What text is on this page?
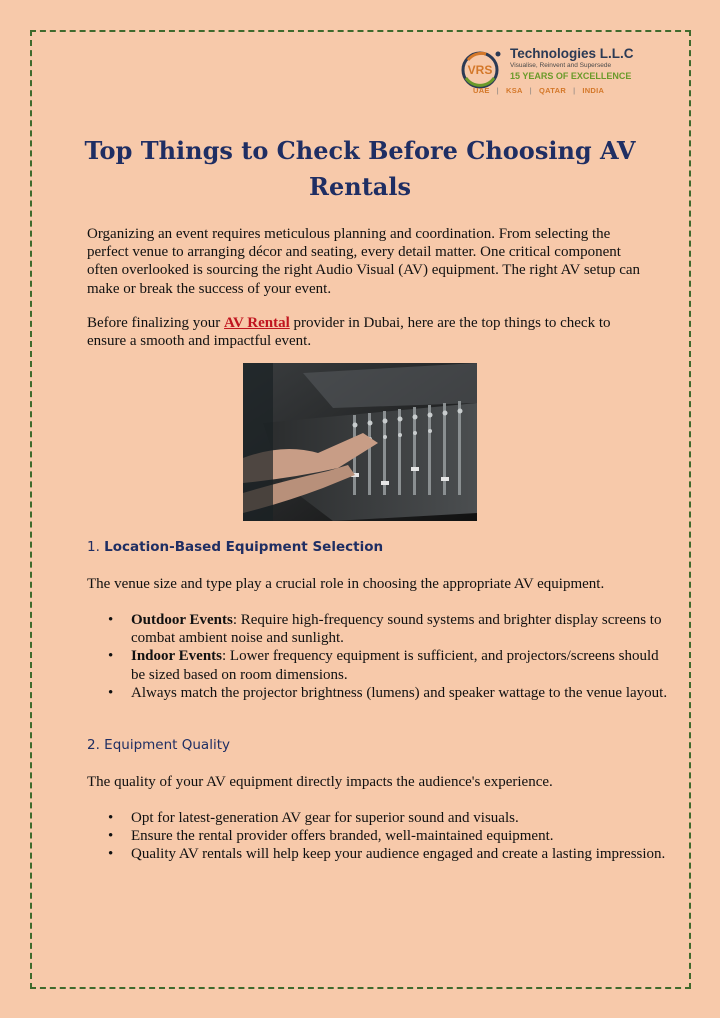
VRS
Technologies L.L.C
Visualise, Reinvent and Supersede
15 YEARS OF EXCELLENCE
UAE | KSA | QATAR | INDIA
Top Things to Check Before Choosing AV Rentals

Organizing an event requires meticulous planning and coordination. From selecting the perfect venue to arranging décor and seating, every detail matter. One critical component often overlooked is sourcing the right Audio Visual (AV) equipment. The right AV setup can make or break the success of your event.

Before finalizing your AV Rental provider in Dubai, here are the top things to check to ensure a smooth and impactful event.

1. Location-Based Equipment Selection

The venue size and type play a crucial role in choosing the appropriate AV equipment.

• Outdoor Events: Require high-frequency sound systems and brighter display screens to combat ambient noise and sunlight.
• Indoor Events: Lower frequency equipment is sufficient, and projectors/screens should be sized based on room dimensions.
• Always match the projector brightness (lumens) and speaker wattage to the venue layout.

2. Equipment Quality

The quality of your AV equipment directly impacts the audience's experience.

• Opt for latest-generation AV gear for superior sound and visuals.
• Ensure the rental provider offers branded, well-maintained equipment.
• Quality AV rentals will help keep your audience engaged and create a lasting impression.
